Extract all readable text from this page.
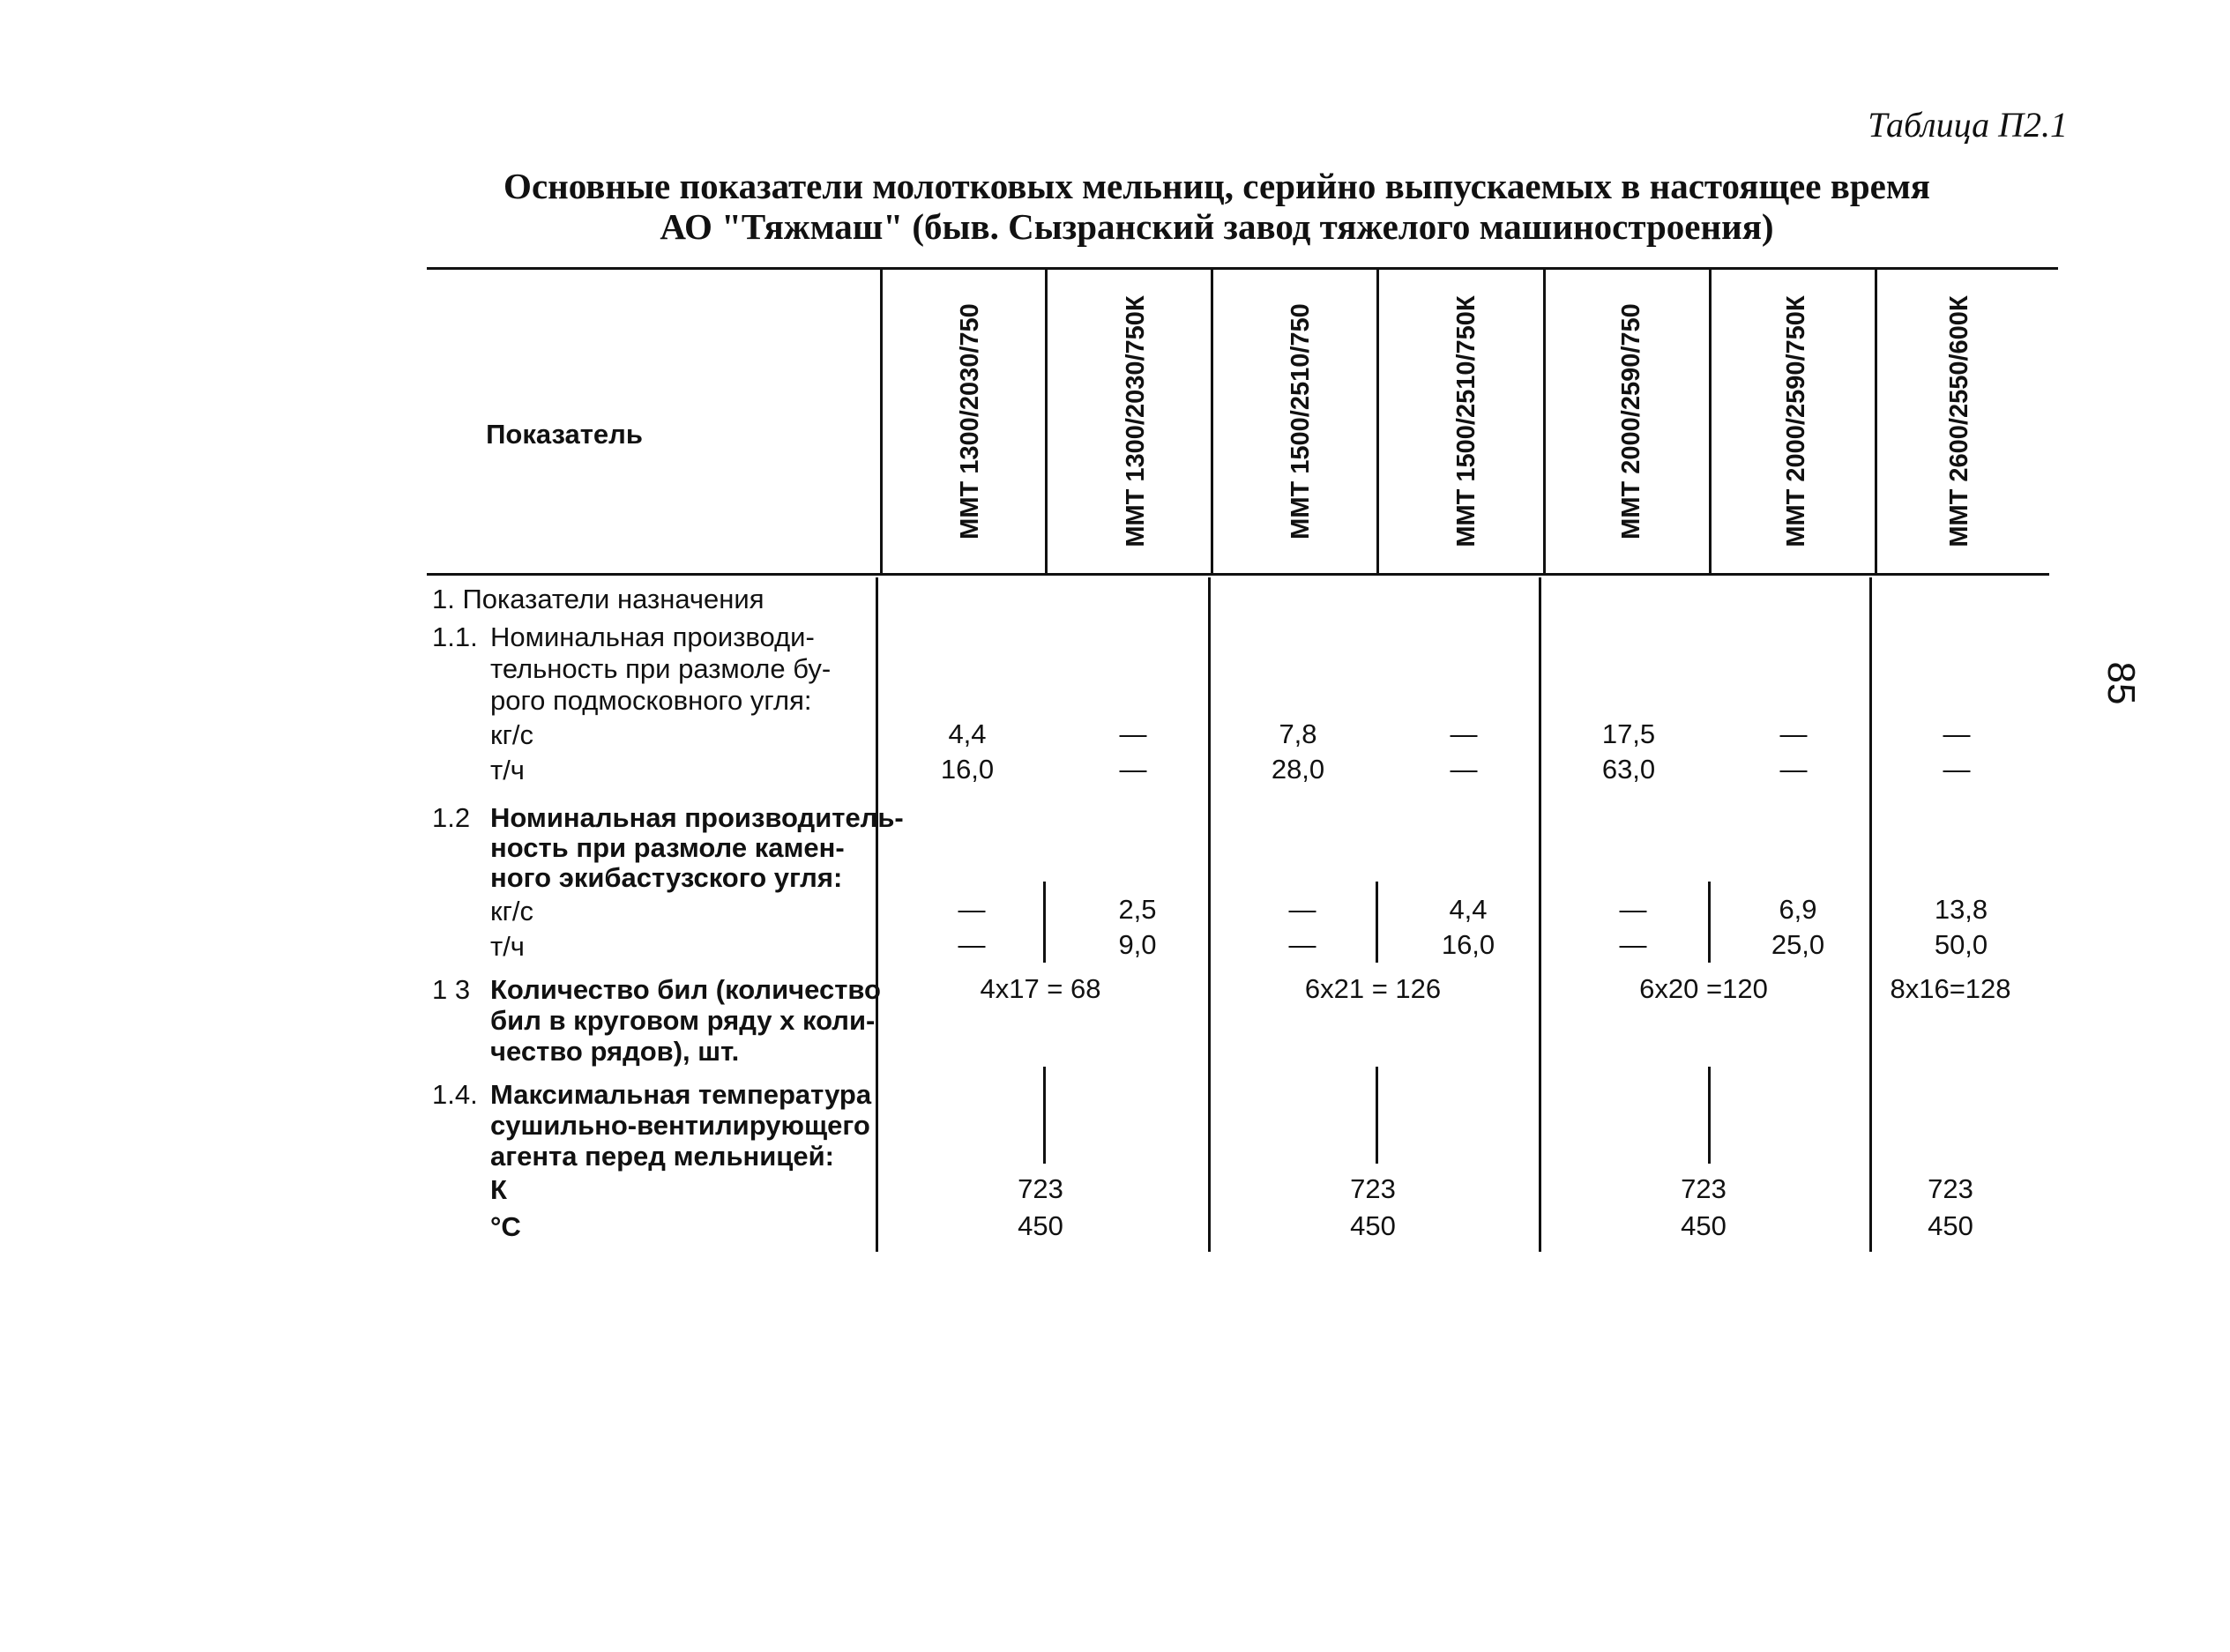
Таблица П2.1
Основные показатели молотковых мельниц, серийно выпускаемых в настоящее время
АО "Тяжмаш" (быв. Сызранский завод тяжелого машиностроения)
85
ММТ 1300/2030/750	ММТ 1300/2030/750К	ММТ 1500/2510/750	ММТ 1500/2510/750К	ММТ 2000/2590/750	ММТ 2000/2590/750К	ММТ 2600/2550/600К
Показатель
1. Показатели назначения
1.1. Номинальная производи-
тельность при размоле бу-
рого подмосковного угля:
кг/с
т/ч
4,4	—	7,8	—	17,5	—	—
16,0	—	28,0	—	63,0	—	—
1.2 Номинальная производитель-
ность при размоле камен-
ного экибастузского угля:
кг/с
т/ч
—	2,5	—	4,4	—	6,9	13,8
—	9,0	—	16,0	—	25,0	50,0
1 3 Количество бил (количество
бил в круговом ряду х коли-
чество рядов), шт.
4х17 = 68	6х21 = 126	6х20 =120	8х16=128
1.4. Максимальная температура
сушильно-вентилирующего
агента перед мельницей:
К
°С
723	723	723	723
450	450	450	450
